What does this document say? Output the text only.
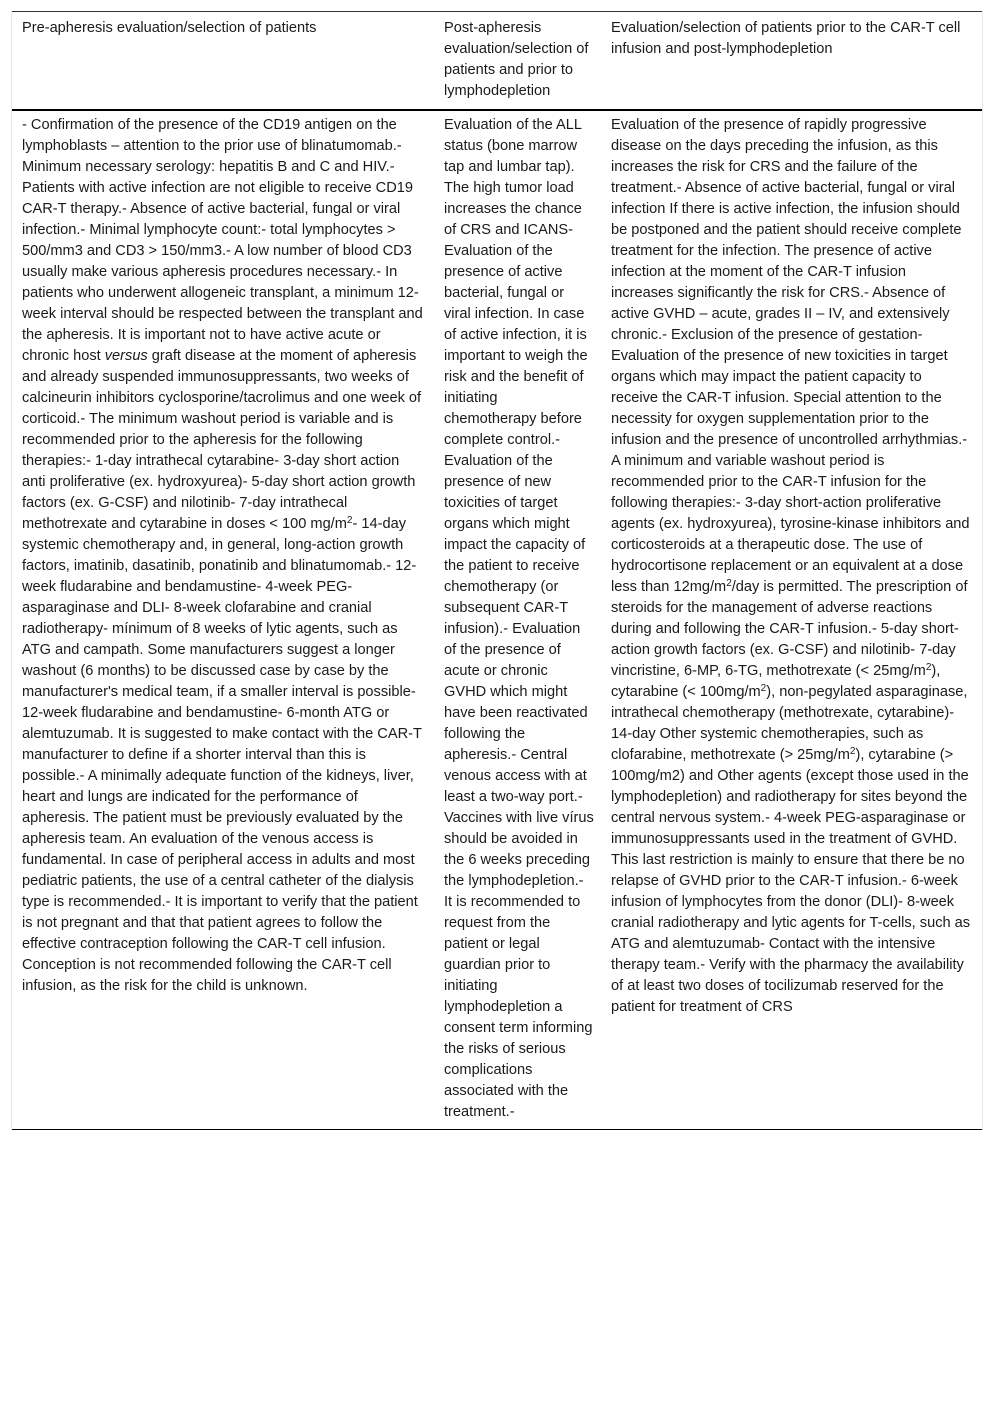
Pre-apheresis evaluation/selection of patients	Post-apheresis evaluation/selection of patients and prior to lymphodepletion	Evaluation/selection of patients prior to the CAR-T cell infusion and post-lymphodepletion
- Confirmation of the presence of the CD19 antigen on the lymphoblasts – attention to the prior use of blinatumomab.- Minimum necessary serology: hepatitis B and C and HIV.- Patients with active infection are not eligible to receive CD19 CAR-T therapy.- Absence of active bacterial, fungal or viral infection.- Minimal lymphocyte count:- total lymphocytes > 500/mm3 and CD3 > 150/mm3.- A low number of blood CD3 usually make various apheresis procedures necessary.- In patients who underwent allogeneic transplant, a minimum 12-week interval should be respected between the transplant and the apheresis. It is important not to have active acute or chronic host versus graft disease at the moment of apheresis and already suspended immunosuppressants, two weeks of calcineurin inhibitors cyclosporine/tacrolimus and one week of corticoid.- The minimum washout period is variable and is recommended prior to the apheresis for the following therapies:- 1-day intrathecal cytarabine- 3-day short action anti proliferative (ex. hydroxyurea)- 5-day short action growth factors (ex. G-CSF) and nilotinib- 7-day intrathecal methotrexate and cytarabine in doses < 100 $mg/m^2-$ 14-day systemic chemotherapy and, in general, long-action growth factors, imatinib, dasatinib, ponatinib and blinatumomab.- 12-week fludarabine and bendamustine- 4-week PEG-asparaginase and DLI- 8-week clofarabine and cranial radiotherapy- mínimum of 8 weeks of lytic agents, such as ATG and campath. Some manufacturers suggest a longer washout (6 months) to be discussed case by case by the manufacturer's medical team, if a smaller interval is possible- 12-week fludarabine and bendamustine- 6-month ATG or alemtuzumab. It is suggested to make contact with the CAR-T manufacturer to define if a shorter interval than this is possible.- A minimally adequate function of the kidneys, liver, heart and lungs are indicated for the performance of apheresis. The patient must be previously evaluated by the apheresis team. An evaluation of the venous access is fundamental. In case of peripheral access in adults and most pediatric patients, the use of a central catheter of the dialysis type is recommended.- It is important to verify that the patient is not pregnant and that that patient agrees to follow the effective contraception following the CAR-T cell infusion. Conception is not recommended following the CAR-T cell infusion, as the risk for the child is unknown.	Evaluation of the ALL status (bone marrow tap and lumbar tap). The high tumor load increases the chance of CRS and ICANS- Evaluation of the presence of active bacterial, fungal or viral infection. In case of active infection, it is important to weigh the risk and the benefit of initiating chemotherapy before complete control.- Evaluation of the presence of new toxicities of target organs which might impact the capacity of the patient to receive chemotherapy (or subsequent CAR-T infusion).- Evaluation of the presence of acute or chronic GVHD which might have been reactivated following the apheresis.- Central venous access with at least a two-way port.- Vaccines with live vírus should be avoided in the 6 weeks preceding the lymphodepletion.- It is recommended to request from the patient or legal guardian prior to initiating lymphodepletion a consent term informing the risks of serious complications associated with the treatment.-	Evaluation of the presence of rapidly progressive disease on the days preceding the infusion, as this increases the risk for CRS and the failure of the treatment.- Absence of active bacterial, fungal or viral infection If there is active infection, the infusion should be postponed and the patient should receive complete treatment for the infection. The presence of active infection at the moment of the CAR-T infusion increases significantly the risk for CRS.- Absence of active GVHD – acute, grades II – IV, and extensively chronic.- Exclusion of the presence of gestation- Evaluation of the presence of new toxicities in target organs which may impact the patient capacity to receive the CAR-T infusion. Special attention to the necessity for oxygen supplementation prior to the infusion and the presence of uncontrolled arrhythmias.- A minimum and variable washout period is recommended prior to the CAR-T infusion for the following therapies:- 3-day short-action proliferative agents (ex. hydroxyurea), tyrosine-kinase inhibitors and corticosteroids at a therapeutic dose. The use of hydrocortisone replacement or an equivalent at a dose less than $12mg/m^2$/day is permitted. The prescription of steroids for the management of adverse reactions during and following the CAR-T infusion.- 5-day short-action growth factors (ex. G-CSF) and nilotinib- 7-day vincristine, 6-MP, 6-TG, methotrexate (< $25mg/m^2$), cytarabine (< $100mg/m^2$), non-pegylated asparaginase, intrathecal chemotherapy (methotrexate, cytarabine)- 14-day Other systemic chemotherapies, such as clofarabine, methotrexate (> $25mg/m^2$), cytarabine (> 100mg/m2) and Other agents (except those used in the lymphodepletion) and radiotherapy for sites beyond the central nervous system.- 4-week PEG-asparaginase or immunosuppressants used in the treatment of GVHD. This last restriction is mainly to ensure that there be no relapse of GVHD prior to the CAR-T infusion.- 6-week infusion of lymphocytes from the donor (DLI)- 8-week cranial radiotherapy and lytic agents for T-cells, such as ATG and alemtuzumab- Contact with the intensive therapy team.- Verify with the pharmacy the availability of at least two doses of tocilizumab reserved for the patient for treatment of CRS
